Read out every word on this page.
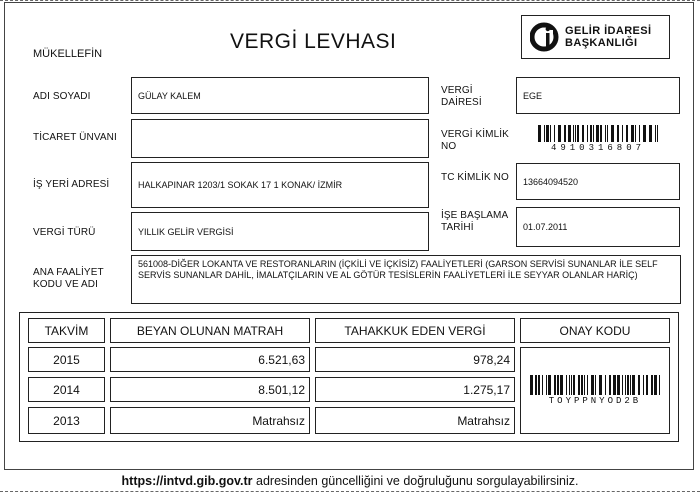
VERGİ LEVHASI
MÜKELLEFİN
GELİR İDARESİ
BAŞKANLIĞI
ADI SOYADI	GÜLAY KALEM
TİCARET ÜNVANI
İŞ YERİ ADRESİ	HALKAPINAR 1203/1 SOKAK 17 1 KONAK/ İZMİR
VERGİ TÜRÜ	YILLIK GELİR VERGİSİ
ANA FAALİYET
KODU VE ADI
561008-DİĞER LOKANTA VE RESTORANLARIN (İÇKİLİ VE İÇKİSİZ) FAALİYETLERİ (GARSON SERVİSİ SUNANLAR İLE SELF SERVİS SUNANLAR DAHİL, İMALATÇILARIN VE AL GÖTÜR TESİSLERİN FAALİYETLERİ İLE SEYYAR OLANLAR HARİÇ)
VERGİ
DAİRESİ
EGE
VERGİ KİMLİK
NO	4910316807
TC KİMLİK NO 13664094520
İŞE BAŞLAMA
TARİHİ	01.07.2011
TAKVİM	BEYAN OLUNAN MATRAH	TAHAKKUK EDEN VERGİ	ONAY KODU
2015	6.521,63	978,24
2014	8.501,12	1.275,17
2013	Matrahsız	Matrahsız
TOYPPNYOD2B
https://intvd.gib.gov.tr adresinden güncelliğini ve doğruluğunu sorgulayabilirsiniz.
